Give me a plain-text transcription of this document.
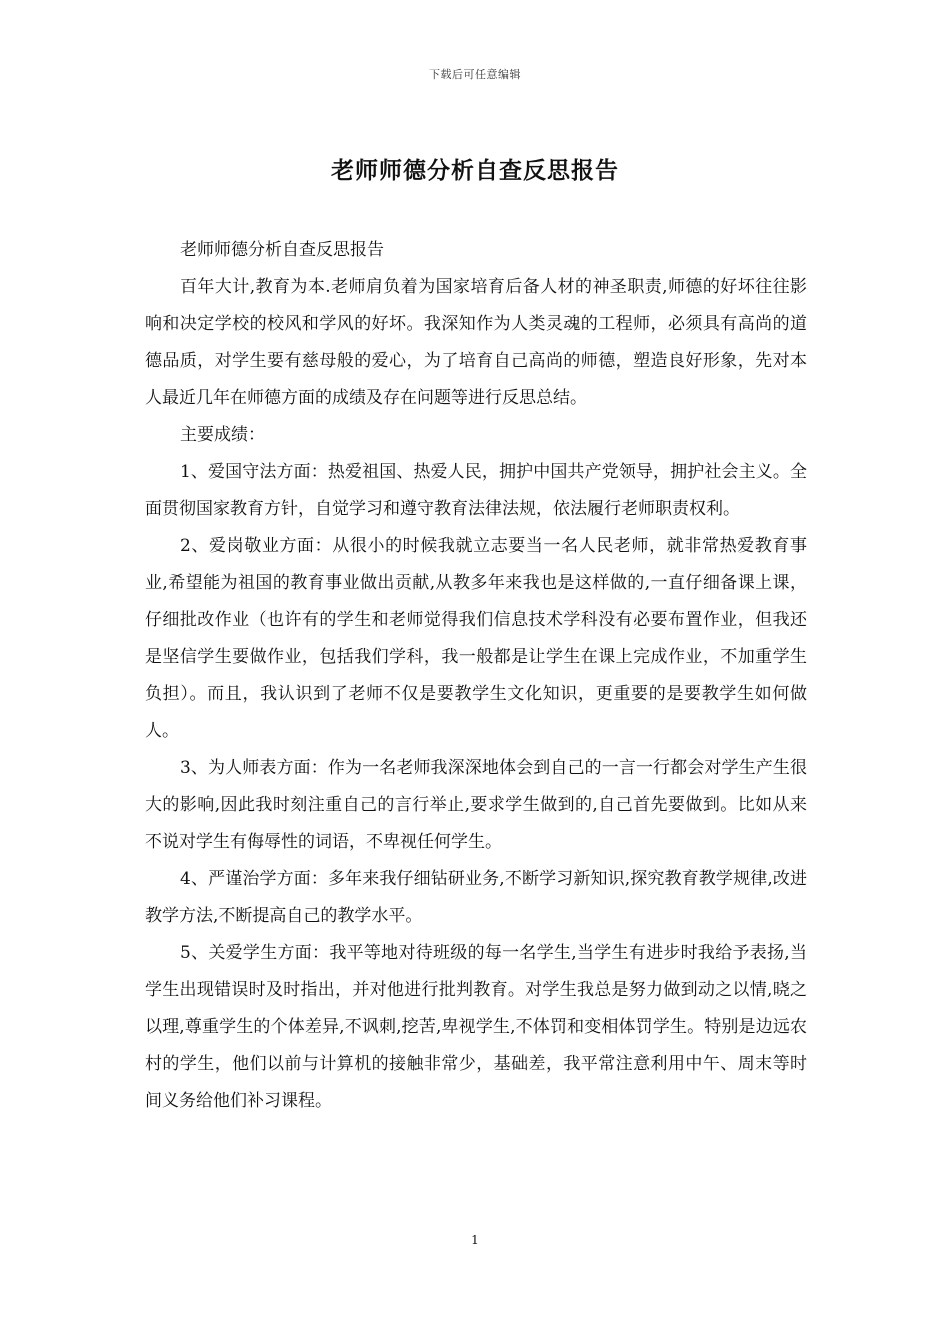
下载后可任意编辑
老师师德分析自查反思报告

老师师德分析自查反思报告

百年大计,教育为本.老师肩负着为国家培育后备人材的神圣职责,师德的好坏往往影响和决定学校的校风和学风的好坏。我深知作为人类灵魂的工程师，必须具有高尚的道德品质，对学生要有慈母般的爱心，为了培育自己高尚的师德，塑造良好形象，先对本人最近几年在师德方面的成绩及存在问题等进行反思总结。

主要成绩：

1、爱国守法方面：热爱祖国、热爱人民，拥护中国共产党领导，拥护社会主义。全面贯彻国家教育方针，自觉学习和遵守教育法律法规，依法履行老师职责权利。

2、爱岗敬业方面：从很小的时候我就立志要当一名人民老师，就非常热爱教育事业,希望能为祖国的教育事业做出贡献,从教多年来我也是这样做的,一直仔细备课上课，仔细批改作业（也许有的学生和老师觉得我们信息技术学科没有必要布置作业，但我还是坚信学生要做作业，包括我们学科，我一般都是让学生在课上完成作业，不加重学生负担）。而且，我认识到了老师不仅是要教学生文化知识，更重要的是要教学生如何做人。

3、为人师表方面：作为一名老师我深深地体会到自己的一言一行都会对学生产生很大的影响,因此我时刻注重自己的言行举止,要求学生做到的,自己首先要做到。比如从来不说对学生有侮辱性的词语，不卑视任何学生。

4、严谨治学方面：多年来我仔细钻研业务,不断学习新知识,探究教育教学规律,改进教学方法,不断提高自己的教学水平。

5、关爱学生方面：我平等地对待班级的每一名学生,当学生有进步时我给予表扬,当学生出现错误时及时指出，并对他进行批判教育。对学生我总是努力做到动之以情,晓之以理,尊重学生的个体差异,不讽刺,挖苦,卑视学生,不体罚和变相体罚学生。特别是边远农村的学生，他们以前与计算机的接触非常少，基础差，我平常注意利用中午、周末等时间义务给他们补习课程。

1
